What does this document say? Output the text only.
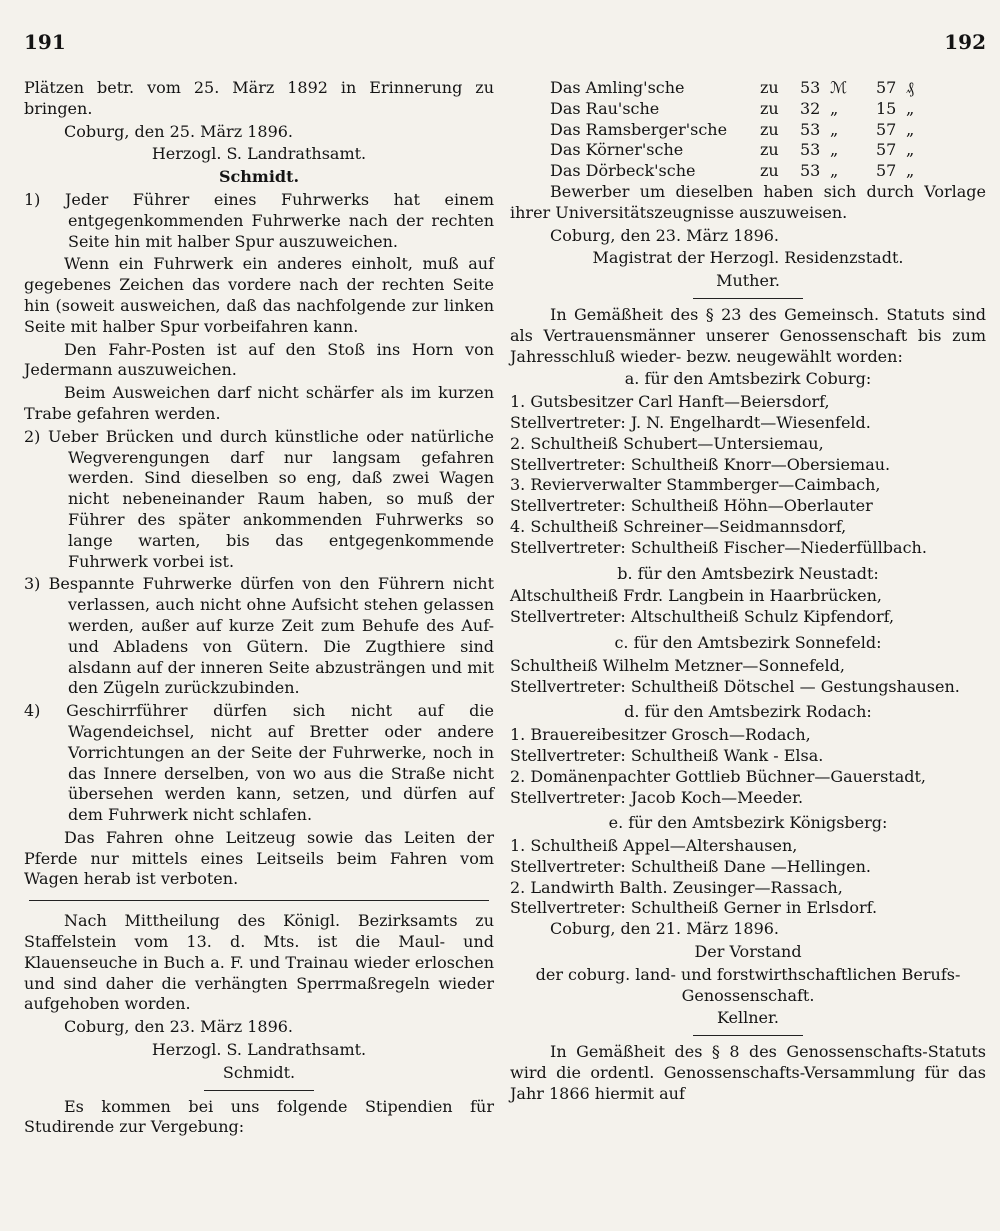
191	192

Plätzen betr. vom 25. März 1892 in Erinnerung zu bringen.

Coburg, den 25. März 1896.

Herzogl. S. Landrathsamt.

Schmidt.

1) Jeder Führer eines Fuhrwerks hat einem entgegenkommenden Fuhrwerke nach der rechten Seite hin mit halber Spur auszuweichen.

Wenn ein Fuhrwerk ein anderes einholt, muß auf gegebenes Zeichen das vordere nach der rechten Seite hin (soweit ausweichen, daß das nachfolgende zur linken Seite mit halber Spur vorbeifahren kann.

Den Fahr-Posten ist auf den Stoß ins Horn von Jedermann auszuweichen.

Beim Ausweichen darf nicht schärfer als im kurzen Trabe gefahren werden.

2) Ueber Brücken und durch künstliche oder natürliche Wegverengungen darf nur langsam gefahren werden. Sind dieselben so eng, daß zwei Wagen nicht nebeneinander Raum haben, so muß der Führer des später ankommenden Fuhrwerks so lange warten, bis das entgegenkommende Fuhrwerk vorbei ist.

3) Bespannte Fuhrwerke dürfen von den Führern nicht verlassen, auch nicht ohne Aufsicht stehen gelassen werden, außer auf kurze Zeit zum Behufe des Auf- und Abladens von Gütern. Die Zugthiere sind alsdann auf der inneren Seite abzusträngen und mit den Zügeln zurückzubinden.

4) Geschirrführer dürfen sich nicht auf die Wagendeichsel, nicht auf Bretter oder andere Vorrichtungen an der Seite der Fuhrwerke, noch in das Innere derselben, von wo aus die Straße nicht übersehen werden kann, setzen, und dürfen auf dem Fuhrwerk nicht schlafen.

Das Fahren ohne Leitzeug sowie das Leiten der Pferde nur mittels eines Leitseils beim Fahren vom Wagen herab ist verboten.

Nach Mittheilung des Königl. Bezirksamts zu Staffelstein vom 13. d. Mts. ist die Maul- und Klauenseuche in Buch a. F. und Trainau wieder erloschen und sind daher die verhängten Sperrmaßregeln wieder aufgehoben worden.

Coburg, den 23. März 1896.

Herzogl. S. Landrathsamt.

Schmidt.

Es kommen bei uns folgende Stipendien für Studirende zur Vergebung:

Das Amling'sche	zu	53	ℳ	57	₰
Das Rau'sche	zu	32	„	15	„
Das Ramsberger'sche	zu	53	„	57	„
Das Körner'sche	zu	53	„	57	„
Das Dörbeck'sche	zu	53	„	57	„

Bewerber um dieselben haben sich durch Vorlage ihrer Universitätszeugnisse auszuweisen.

Coburg, den 23. März 1896.

Magistrat der Herzogl. Residenzstadt.

Muther.

In Gemäßheit des § 23 des Gemeinsch. Statuts sind als Vertrauensmänner unserer Genossenschaft bis zum Jahresschluß wieder- bezw. neugewählt worden:

a. für den Amtsbezirk Coburg:

1. Gutsbesitzer Carl Hanft—Beiersdorf,

Stellvertreter: J. N. Engelhardt—Wiesenfeld.

2. Schultheiß Schubert—Untersiemau,

Stellvertreter: Schultheiß Knorr—Obersiemau.

3. Revierverwalter Stammberger—Caimbach,

Stellvertreter: Schultheiß Höhn—Oberlauter

4. Schultheiß Schreiner—Seidmannsdorf,

Stellvertreter: Schultheiß Fischer—Niederfüllbach.

b. für den Amtsbezirk Neustadt:

Altschultheiß Frdr. Langbein in Haarbrücken,

Stellvertreter: Altschultheiß Schulz Kipfendorf,

c. für den Amtsbezirk Sonnefeld:

Schultheiß Wilhelm Metzner—Sonnefeld,

Stellvertreter: Schultheiß Dötschel — Gestungshausen.

d. für den Amtsbezirk Rodach:

1. Brauereibesitzer Grosch—Rodach,

Stellvertreter: Schultheiß Wank - Elsa.

2. Domänenpachter Gottlieb Büchner—Gauerstadt,

Stellvertreter: Jacob Koch—Meeder.

e. für den Amtsbezirk Königsberg:

1. Schultheiß Appel—Altershausen,

Stellvertreter: Schultheiß Dane —Hellingen.

2. Landwirth Balth. Zeusinger—Rassach,

Stellvertreter: Schultheiß Gerner in Erlsdorf.

Coburg, den 21. März 1896.

Der Vorstand

der coburg. land- und forstwirthschaftlichen Berufs-Genossenschaft.

Kellner.

In Gemäßheit des § 8 des Genossenschafts-Statuts wird die ordentl. Genossenschafts-Versammlung für das Jahr 1866 hiermit auf
